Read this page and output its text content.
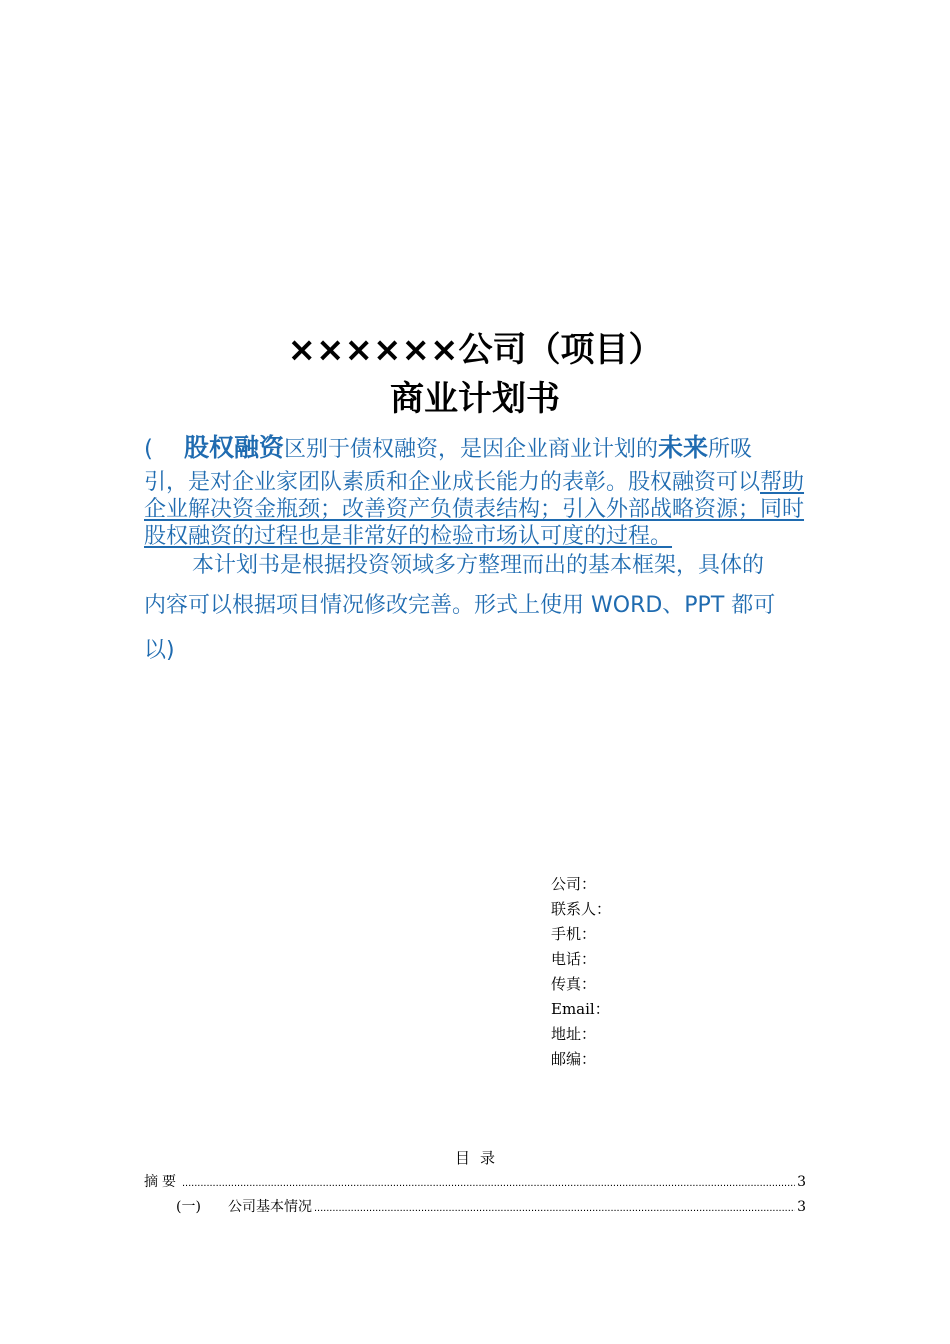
××××××公司（项目）
商业计划书
( 股权融资区别于债权融资，是因企业商业计划的未来所吸
引，是对企业家团队素质和企业成长能力的表彰。股权融资可以帮助企业解决资金瓶颈；改善资产负债表结构；引入外部战略资源；同时股权融资的过程也是非常好的检验市场认可度的过程。
本计划书是根据投资领域多方整理而出的基本框架，具体的
内容可以根据项目情况修改完善。形式上使用 WORD、PPT 都可
以)
公司：
联系人：
手机：
电话：
传真：
Email：
地址：
邮编：
目录
摘要 .....	3
(一)	公司基本情况 .....	3
